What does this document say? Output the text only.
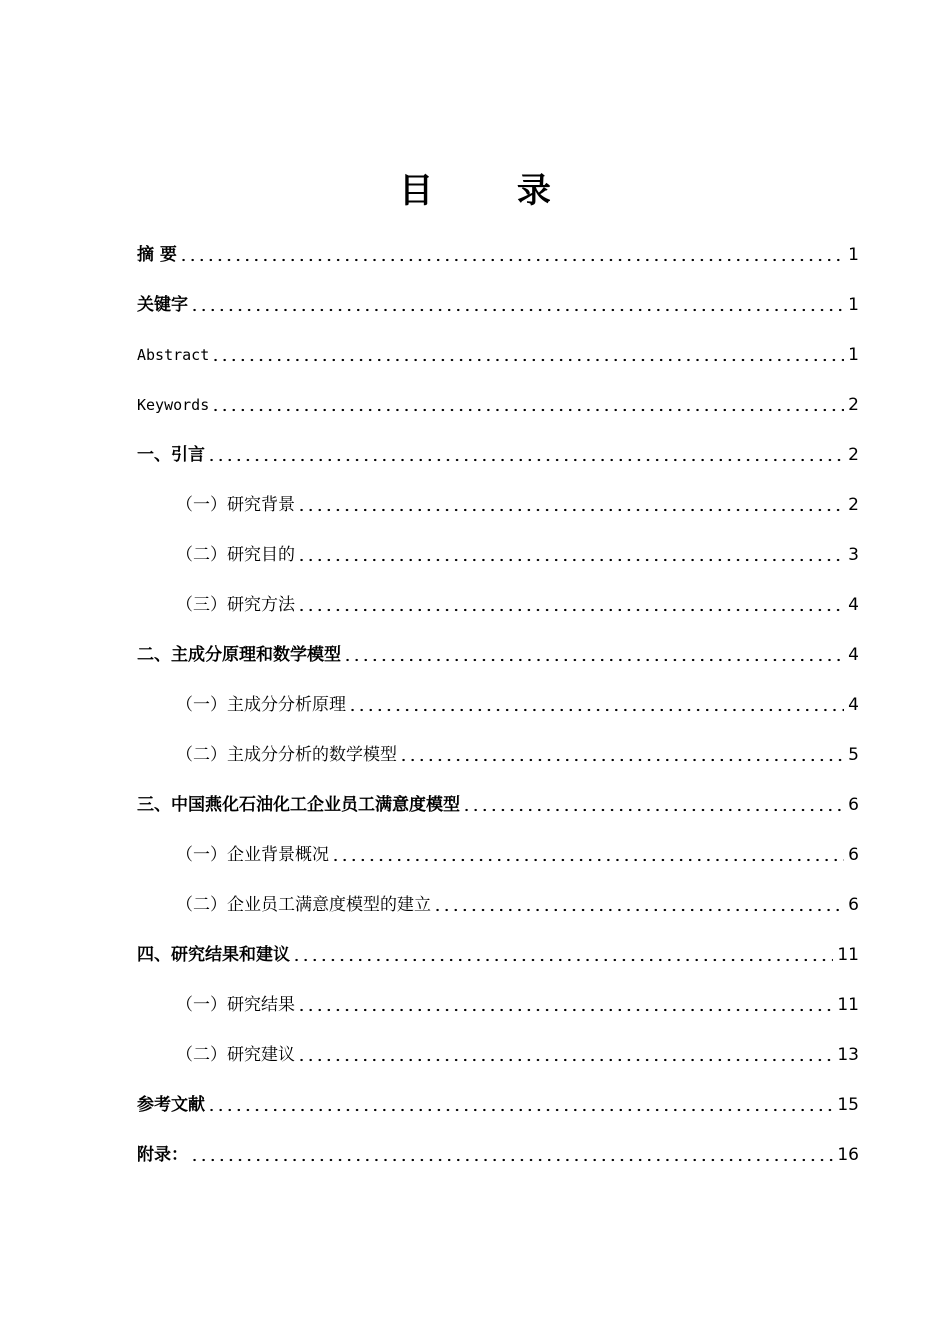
目 录
摘 要	1
关键字	1
Abstract	1
Keywords	2
一、引言	2
（一）研究背景	2
（二）研究目的	3
（三）研究方法	4
二、主成分原理和数学模型	4
（一）主成分分析原理	4
（二）主成分分析的数学模型	5
三、中国燕化石油化工企业员工满意度模型	6
（一）企业背景概况	6
（二）企业员工满意度模型的建立	6
四、研究结果和建议	11
（一）研究结果	11
（二）研究建议	13
参考文献	15
附录：	16
